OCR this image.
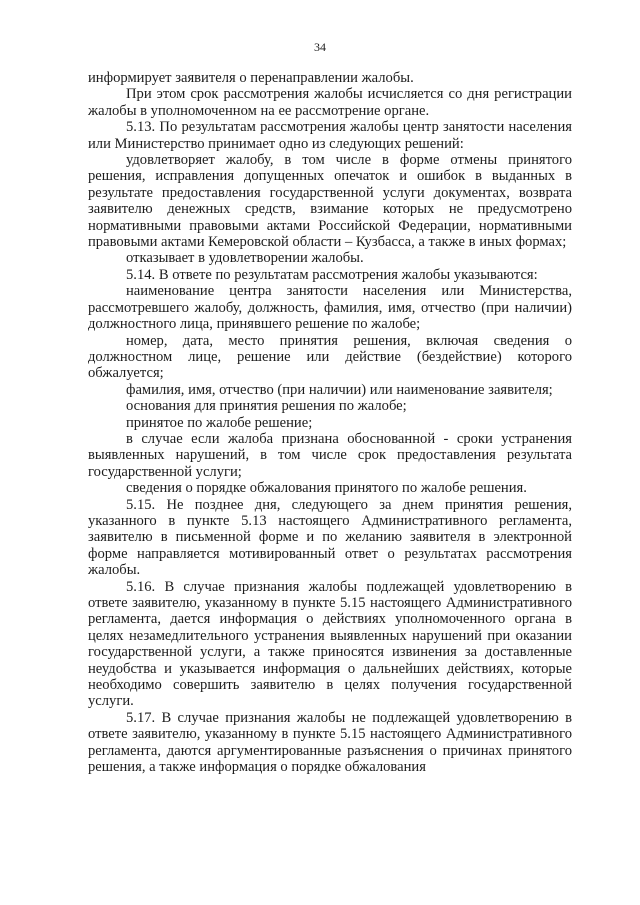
34

информирует заявителя о перенаправлении жалобы.

При этом срок рассмотрения жалобы исчисляется со дня регистрации жалобы в уполномоченном на ее рассмотрение органе.

5.13. По результатам рассмотрения жалобы центр занятости населения или Министерство принимает одно из следующих решений:

удовлетворяет жалобу, в том числе в форме отмены принятого решения, исправления допущенных опечаток и ошибок в выданных в результате предоставления государственной услуги документах, возврата заявителю денежных средств, взимание которых не предусмотрено нормативными правовыми актами Российской Федерации, нормативными правовыми актами Кемеровской области – Кузбасса, а также в иных формах;

отказывает в удовлетворении жалобы.

5.14. В ответе по результатам рассмотрения жалобы указываются:

наименование центра занятости населения или Министерства, рассмотревшего жалобу, должность, фамилия, имя, отчество (при наличии) должностного лица, принявшего решение по жалобе;

номер, дата, место принятия решения, включая сведения о должностном лице, решение или действие (бездействие) которого обжалуется;

фамилия, имя, отчество (при наличии) или наименование заявителя;

основания для принятия решения по жалобе;

принятое по жалобе решение;

в случае если жалоба признана обоснованной - сроки устранения выявленных нарушений, в том числе срок предоставления результата государственной услуги;

сведения о порядке обжалования принятого по жалобе решения.

5.15. Не позднее дня, следующего за днем принятия решения, указанного в пункте 5.13 настоящего Административного регламента, заявителю в письменной форме и по желанию заявителя в электронной форме направляется мотивированный ответ о результатах рассмотрения жалобы.

5.16. В случае признания жалобы подлежащей удовлетворению в ответе заявителю, указанному в пункте 5.15 настоящего Административного регламента, дается информация о действиях уполномоченного органа в целях незамедлительного устранения выявленных нарушений при оказании государственной услуги, а также приносятся извинения за доставленные неудобства и указывается информация о дальнейших действиях, которые необходимо совершить заявителю в целях получения государственной услуги.

5.17. В случае признания жалобы не подлежащей удовлетворению в ответе заявителю, указанному в пункте 5.15 настоящего Административного регламента, даются аргументированные разъяснения о причинах принятого решения, а также информация о порядке обжалования
